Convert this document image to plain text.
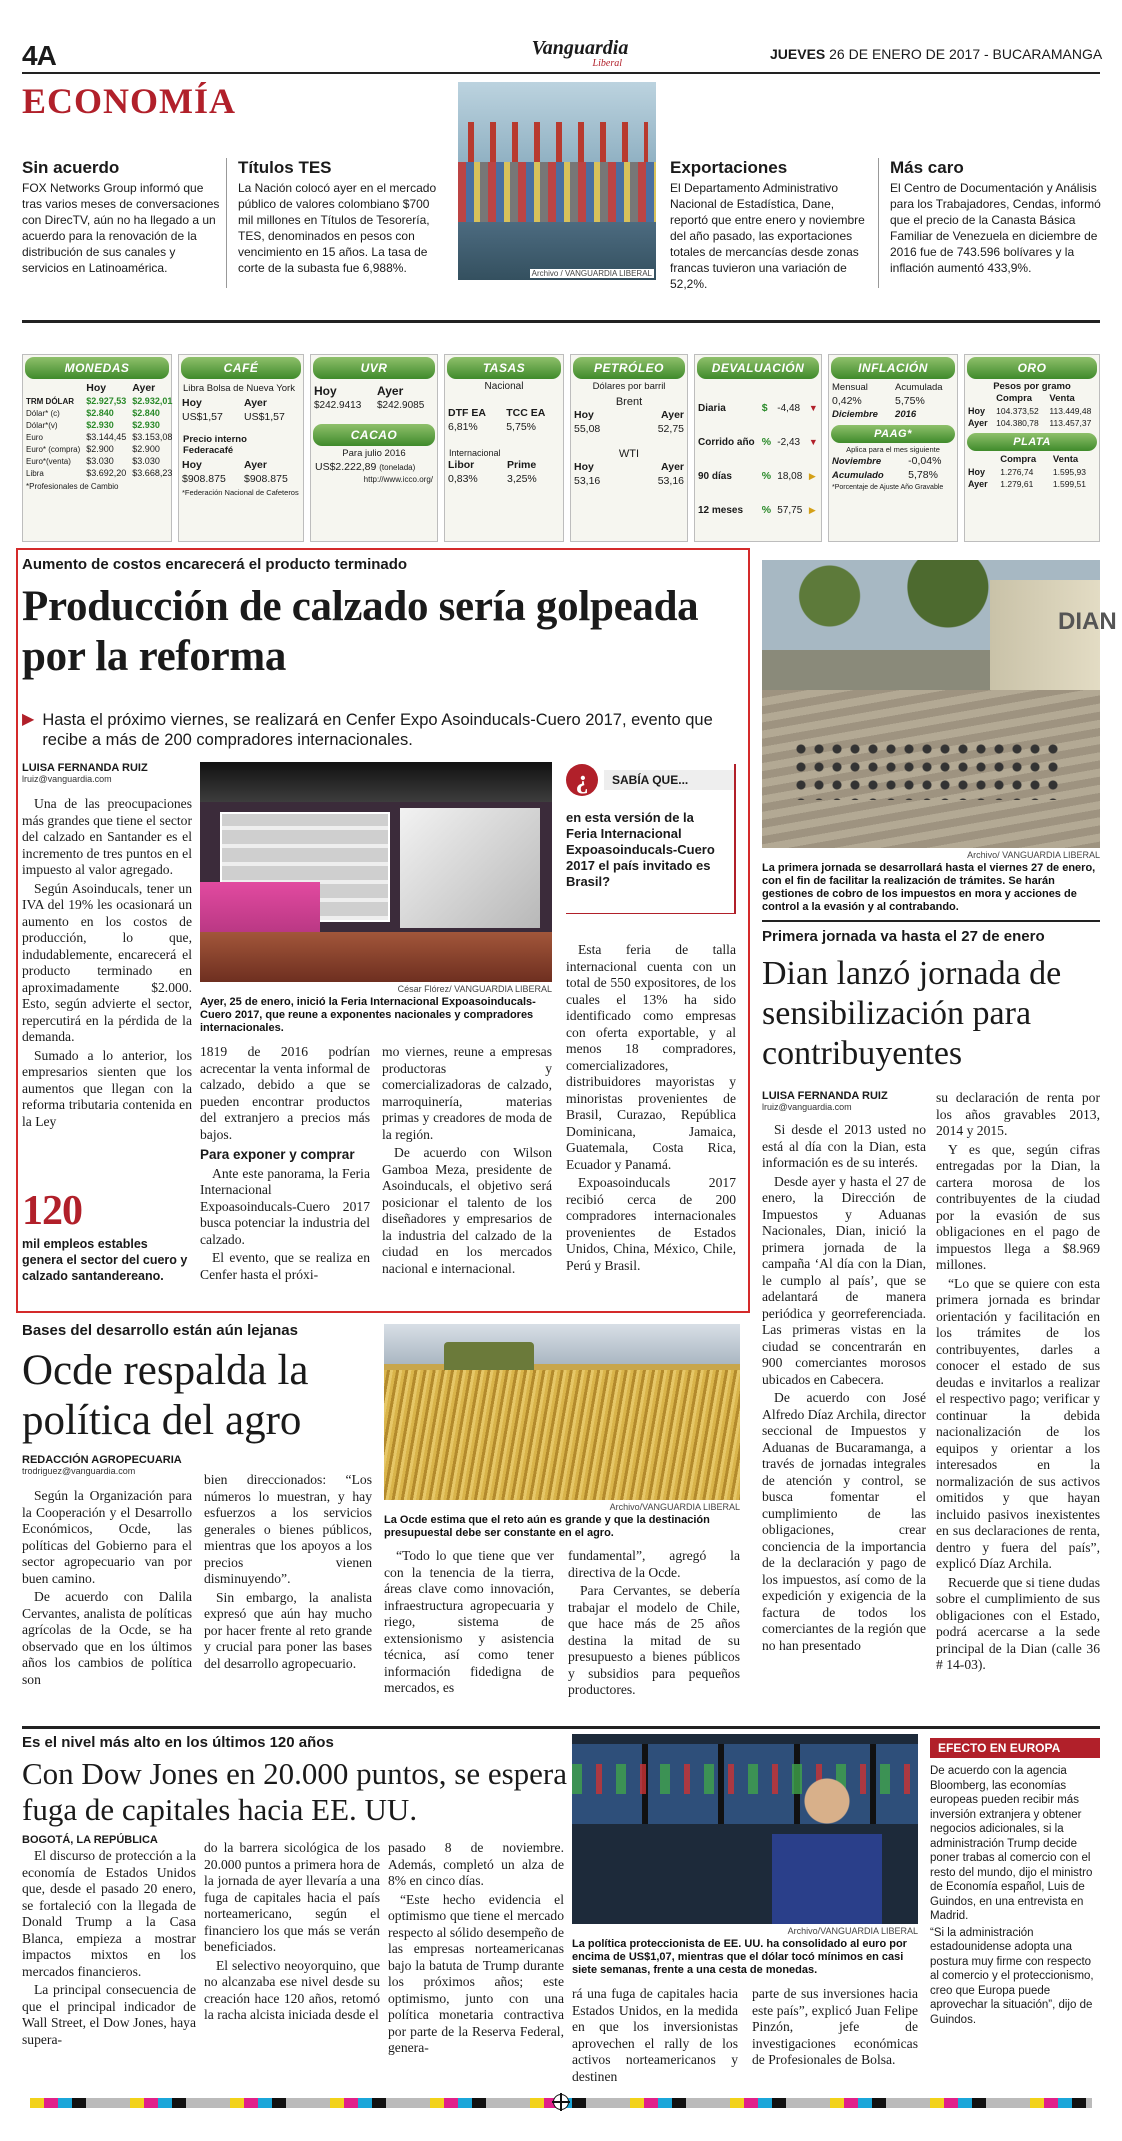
4A	Vanguardia
Liberal
JUEVES 26 DE ENERO DE 2017 - BUCARAMANGA
ECONOMÍA
Sin acuerdo
FOX Networks Group informó que tras varios meses de conversaciones con DirecTV, aún no ha llegado a un acuerdo para la renovación de la distribución de sus canales y servicios en Latinoamérica.
Títulos TES
La Nación colocó ayer en el mercado público de valores colombiano $700 mil millones en Títulos de Tesorería, TES, denominados en pesos con vencimiento en 15 años. La tasa de corte de la subasta fue 6,988%.	Archivo / VANGUARDIA LIBERAL
Exportaciones
El Departamento Administrativo Nacional de Estadística, Dane, reportó que entre enero y noviembre del año pasado, las exportaciones totales de mercancías desde zonas francas tuvieron una variación de 52,2%.
Más caro
El Centro de Documentación y Análisis para los Trabajadores, Cendas, informó que el precio de la Canasta Básica Familiar de Venezuela en diciembre de 2016 fue de 743.596 bolívares y la inflación aumentó 433,9%.
MONEDAS
	Hoy	Ayer
TRM DÓLAR	$2.927,53	$2.932,01
Dólar* (c)	$2.840	$2.840
Dólar*(v)	$2.930	$2.930
Euro	$3.144,45	$3.153,08
Euro* (compra)	$2.900	$2.900
Euro*(venta)	$3.030	$3.030
Libra	$3.692,20	$3.668,23
*Profesionales de Cambio
CAFÉ
Libra Bolsa de Nueva York
Hoy	Ayer
US$1,57	US$1,57
Precio interno Federacafé
Hoy	Ayer
$908.875	$908.875
*Federación Nacional de Cafeteros
UVR
Hoy	Ayer
$242.9413	$242.9085
CACAO
Para julio 2016
US$2.222,89 (tonelada)
http://www.icco.org/
TASAS
Nacional
DTF EA	TCC EA
6,81%	5,75%
Internacional
Libor	Prime
0,83%	3,25%
PETRÓLEO
Dólares por barril
Brent
Hoy	Ayer
55,08	52,75
WTI
Hoy	Ayer
53,16	53,16
DEVALUACIÓN
Diaria	$	-4,48	▼
Corrido año	%	-2,43	▼
90 días	%	18,08	▶
12 meses	%	57,75	▶
INFLACIÓN
Mensual	Acumulada
0,42%	5,75%
Diciembre	2016
PAAG*
Aplica para el mes siguiente
Noviembre	-0,04%
Acumulado	5,78%
*Porcentaje de Ajuste Año Gravable
ORO
Pesos por gramo
	Compra	Venta
Hoy	104.373,52	113.449,48
Ayer	104.380,78	113.457,37
PLATA
	Compra	Venta
Hoy	1.276,74	1.595,93
Ayer	1.279,61	1.599,51
Aumento de costos encarecerá el producto terminado
Producción de calzado sería golpeada por la reforma
▶ Hasta el próximo viernes, se realizará en Cenfer Expo Asoinducals-Cuero 2017, evento que recibe a más de 200 compradores internacionales.
LUISA FERNANDA RUIZ
lruiz@vanguardia.com

Una de las preocupaciones más grandes que tiene el sector del calzado en Santander es el incremento de tres puntos en el impuesto al valor agregado.

Según Asoinducals, tener un IVA del 19% les ocasionará un aumento en los costos de producción, lo que, indudablemente, encarecerá el producto terminado en aproximadamente $2.000. Esto, según advierte el sector, repercutirá en la pérdida de la demanda.

Sumado a lo anterior, los empresarios sienten que los aumentos que llegan con la reforma tributaria contenida en la Ley

120
mil empleos estables genera el sector del cuero y calzado santandereano.
César Flórez/ VANGUARDIA LIBERAL
Ayer, 25 de enero, inició la Feria Internacional Expoasoinducals-Cuero 2017, que reune a exponentes nacionales y compradores internacionales.

1819 de 2016 podrían acrecentar la venta informal de calzado, debido a que se pueden encontrar productos del extranjero a precios más bajos.

Para exponer y comprar

Ante este panorama, la Feria Internacional Expoasoinducals-Cuero 2017 busca potenciar la industria del calzado.

El evento, que se realiza en Cenfer hasta el próxi-

mo viernes, reune a empresas productoras y comercializadoras de calzado, marroquinería, materias primas y creadores de moda de la región.

De acuerdo con Wilson Gamboa Meza, presidente de Asoinducals, el objetivo será posicionar el talento de los diseñadores y empresarios de la industria del calzado de la ciudad en los mercados nacional e internacional.

¿	SABÍA QUE...
en esta versión de la Feria Internacional Expoasoinducals-Cuero 2017 el país invitado es Brasil?

Esta feria de talla internacional cuenta con un total de 550 expositores, de los cuales el 13% ha sido identificado como empresas con oferta exportable, y al menos 18 compradores, comercializadores, distribuidores mayoristas y minoristas provenientes de Brasil, Curazao, República Dominicana, Jamaica, Guatemala, Costa Rica, Ecuador y Panamá.

Expoasoinducals 2017 recibió cerca de 200 compradores internacionales provenientes de Estados Unidos, China, México, Chile, Perú y Brasil.

DIAN
Archivo/ VANGUARDIA LIBERAL
La primera jornada se desarrollará hasta el viernes 27 de enero, con el fin de facilitar la realización de trámites. Se harán gestiones de cobro de los impuestos en mora y acciones de control a la evasión y al contrabando.
Primera jornada va hasta el 27 de enero
Dian lanzó jornada de sensibilización para contribuyentes
LUISA FERNANDA RUIZ
lruiz@vanguardia.com

Si desde el 2013 usted no está al día con la Dian, esta información es de su interés.

Desde ayer y hasta el 27 de enero, la Dirección de Impuestos y Aduanas Nacionales, Dian, inició la primera jornada de la campaña ‘Al día con la Dian, le cumplo al país’, que se adelantará de manera periódica y georreferenciada. Las primeras vistas en la ciudad se concentrarán en 900 comerciantes morosos ubicados en Cabecera.

De acuerdo con José Alfredo Díaz Archila, director seccional de Impuestos y Aduanas de Bucaramanga, a través de jornadas integrales de atención y control, se busca fomentar el cumplimiento de las obligaciones, crear conciencia de la importancia de la declaración y pago de los impuestos, así como de la expedición y exigencia de la factura de todos los comerciantes de la región que no han presentado

su declaración de renta por los años gravables 2013, 2014 y 2015.

Y es que, según cifras entregadas por la Dian, la cartera morosa de los contribuyentes de la ciudad por la evasión de sus obligaciones en el pago de impuestos llega a $8.969 millones.

“Lo que se quiere con esta primera jornada es brindar orientación y facilitación en los trámites de los contribuyentes, darles a conocer el estado de sus deudas e invitarlos a realizar el respectivo pago; verificar y continuar la debida nacionalización de los equipos y orientar a los interesados en la normalización de sus activos omitidos y que hayan incluido pasivos inexistentes en sus declaraciones de renta, dentro y fuera del país”, explicó Díaz Archila.

Recuerde que si tiene dudas sobre el cumplimiento de sus obligaciones con el Estado, podrá acercarse a la sede principal de la Dian (calle 36 # 14-03).

Bases del desarrollo están aún lejanas
Ocde respalda la política del agro
REDACCIÓN AGROPECUARIA
trodriguez@vanguardia.com

Según la Organización para la Cooperación y el Desarrollo Económicos, Ocde, las políticas del Gobierno para el sector agropecuario van por buen camino.

De acuerdo con Dalila Cervantes, analista de políticas agrícolas de la Ocde, se ha observado que en los últimos años los cambios de política son

bien direccionados: “Los números lo muestran, y hay esfuerzos a los servicios generales o bienes públicos, mientras que los apoyos a los precios vienen disminuyendo”.

Sin embargo, la analista expresó que aún hay mucho por hacer frente al reto grande y crucial para poner las bases del desarrollo agropecuario.

Archivo/VANGUARDIA LIBERAL
La Ocde estima que el reto aún es grande y que la destinación presupuestal debe ser constante en el agro.

“Todo lo que tiene que ver con la tenencia de la tierra, áreas clave como innovación, infraestructura agropecuaria y riego, sistema de extensionismo y asistencia técnica, así como tener información fidedigna de mercados, es

fundamental”, agregó la directiva de la Ocde.

Para Cervantes, se debería trabajar el modelo de Chile, que hace más de 25 años destina la mitad de su presupuesto a bienes públicos y subsidios para pequeños productores.

Es el nivel más alto en los últimos 120 años
Con Dow Jones en 20.000 puntos, se espera fuga de capitales hacia EE. UU.
BOGOTÁ, LA REPÚBLICA

El discurso de protección a la economía de Estados Unidos que, desde el pasado 20 enero, se fortaleció con la llegada de Donald Trump a la Casa Blanca, empieza a mostrar impactos mixtos en los mercados financieros.

La principal consecuencia de que el principal indicador de Wall Street, el Dow Jones, haya supera-

do la barrera sicológica de los 20.000 puntos a primera hora de la jornada de ayer llevaría a una fuga de capitales hacia el país norteamericano, según el financiero los que más se verán beneficiados.

El selectivo neoyorquino, que no alcanzaba ese nivel desde su creación hace 120 años, retomó la racha alcista iniciada desde el

pasado 8 de noviembre. Además, completó un alza de 8% en cinco días.

“Este hecho evidencia el optimismo que tiene el mercado respecto al sólido desempeño de las empresas norteamericanas bajo la batuta de Trump durante los próximos años; este optimismo, junto con una política monetaria contractiva por parte de la Reserva Federal, genera-

Archivo/VANGUARDIA LIBERAL
La política proteccionista de EE. UU. ha consolidado al euro por encima de US$1,07, mientras que el dólar tocó mínimos en casi siete semanas, frente a una cesta de monedas.

rá una fuga de capitales hacia Estados Unidos, en la medida en que los inversionistas aprovechen el rally de los activos norteamericanos y destinen

parte de sus inversiones hacia este país”, explicó Juan Felipe Pinzón, jefe de investigaciones económicas de Profesionales de Bolsa.

EFECTO EN EUROPA
De acuerdo con la agencia Bloomberg, las economías europeas pueden recibir más inversión extranjera y obtener negocios adicionales, si la administración Trump decide poner trabas al comercio con el resto del mundo, dijo el ministro de Economía español, Luis de Guindos, en una entrevista en Madrid.
“Si la administración estadounidense adopta una postura muy firme con respecto al comercio y el proteccionismo, creo que Europa puede aprovechar la situación”, dijo de Guindos.
